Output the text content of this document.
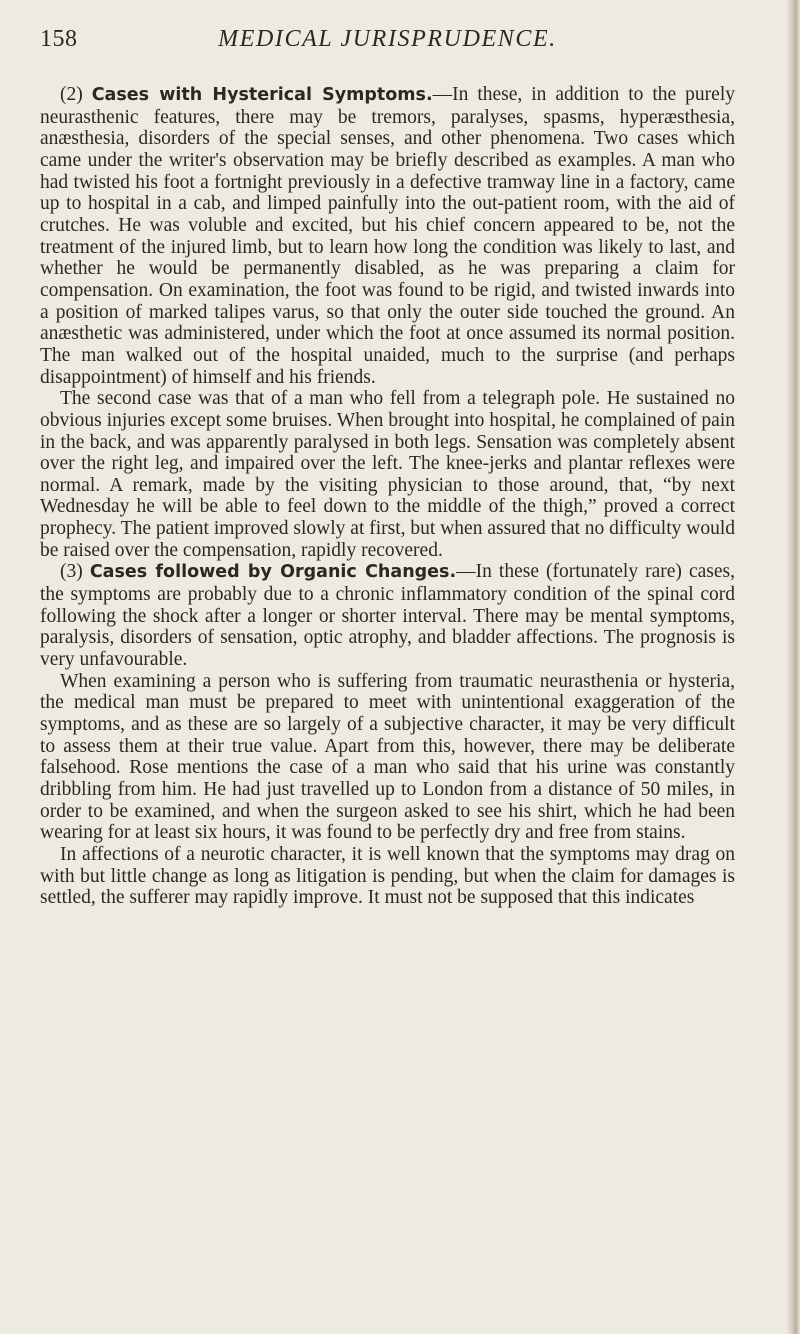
158	MEDICAL JURISPRUDENCE.

(2) Cases with Hysterical Symptoms.—In these, in addition to the purely neurasthenic features, there may be tremors, paralyses, spasms, hyperæsthesia, anæsthesia, disorders of the special senses, and other phenomena. Two cases which came under the writer's observation may be briefly described as examples. A man who had twisted his foot a fortnight previously in a defective tramway line in a factory, came up to hospital in a cab, and limped painfully into the out-patient room, with the aid of crutches. He was voluble and excited, but his chief concern appeared to be, not the treatment of the injured limb, but to learn how long the condition was likely to last, and whether he would be permanently disabled, as he was preparing a claim for compensation. On examination, the foot was found to be rigid, and twisted inwards into a position of marked talipes varus, so that only the outer side touched the ground. An anæsthetic was administered, under which the foot at once assumed its normal position. The man walked out of the hospital unaided, much to the surprise (and perhaps disappointment) of himself and his friends.

The second case was that of a man who fell from a telegraph pole. He sustained no obvious injuries except some bruises. When brought into hospital, he complained of pain in the back, and was apparently paralysed in both legs. Sensation was completely absent over the right leg, and impaired over the left. The knee-jerks and plantar reflexes were normal. A remark, made by the visiting physician to those around, that, “by next Wednesday he will be able to feel down to the middle of the thigh,” proved a correct prophecy. The patient improved slowly at first, but when assured that no difficulty would be raised over the compensation, rapidly recovered.

(3) Cases followed by Organic Changes.—In these (fortunately rare) cases, the symptoms are probably due to a chronic inflammatory condition of the spinal cord following the shock after a longer or shorter interval. There may be mental symptoms, paralysis, disorders of sensation, optic atrophy, and bladder affections. The prognosis is very unfavourable.

When examining a person who is suffering from traumatic neurasthenia or hysteria, the medical man must be prepared to meet with unintentional exaggeration of the symptoms, and as these are so largely of a subjective character, it may be very difficult to assess them at their true value. Apart from this, however, there may be deliberate falsehood. Rose mentions the case of a man who said that his urine was constantly dribbling from him. He had just travelled up to London from a distance of 50 miles, in order to be examined, and when the surgeon asked to see his shirt, which he had been wearing for at least six hours, it was found to be perfectly dry and free from stains.

In affections of a neurotic character, it is well known that the symptoms may drag on with but little change as long as litigation is pending, but when the claim for damages is settled, the sufferer may rapidly improve. It must not be supposed that this indicates
